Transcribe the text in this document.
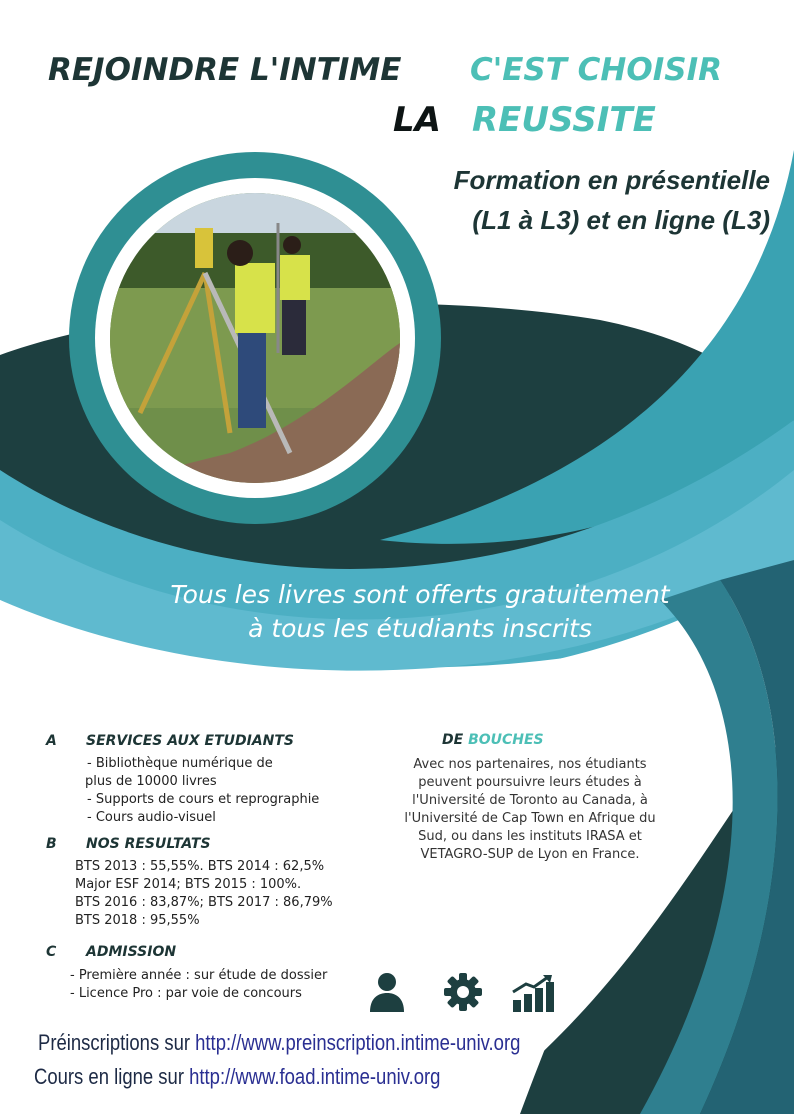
REJOINDRE L'INTIME C'EST CHOISIR
LA REUSSITE
Formation en présentielle
(L1 à L3) et en ligne (L3)
Tous les livres sont offerts gratuitement
à tous les étudiants inscrits
A SERVICES AUX ETUDIANTS
- Bibliothèque numérique de
plus de 10000 livres
- Supports de cours et reprographie
- Cours audio-visuel
B NOS RESULTATS
BTS 2013 : 55,55%. BTS 2014 : 62,5%
Major ESF 2014; BTS 2015 : 100%.
BTS 2016 : 83,87%; BTS 2017 : 86,79%
BTS 2018 : 95,55%
C ADMISSION
- Première année : sur étude de dossier
- Licence Pro : par voie de concours
DE BOUCHES
Avec nos partenaires, nos étudiants
peuvent poursuivre leurs études à
l'Université de Toronto au Canada, à
l'Université de Cap Town en Afrique du
Sud, ou dans les instituts IRASA et
VETAGRO-SUP de Lyon en France.
Préinscriptions sur http://www.preinscription.intime-univ.org
Cours en ligne sur http://www.foad.intime-univ.org
